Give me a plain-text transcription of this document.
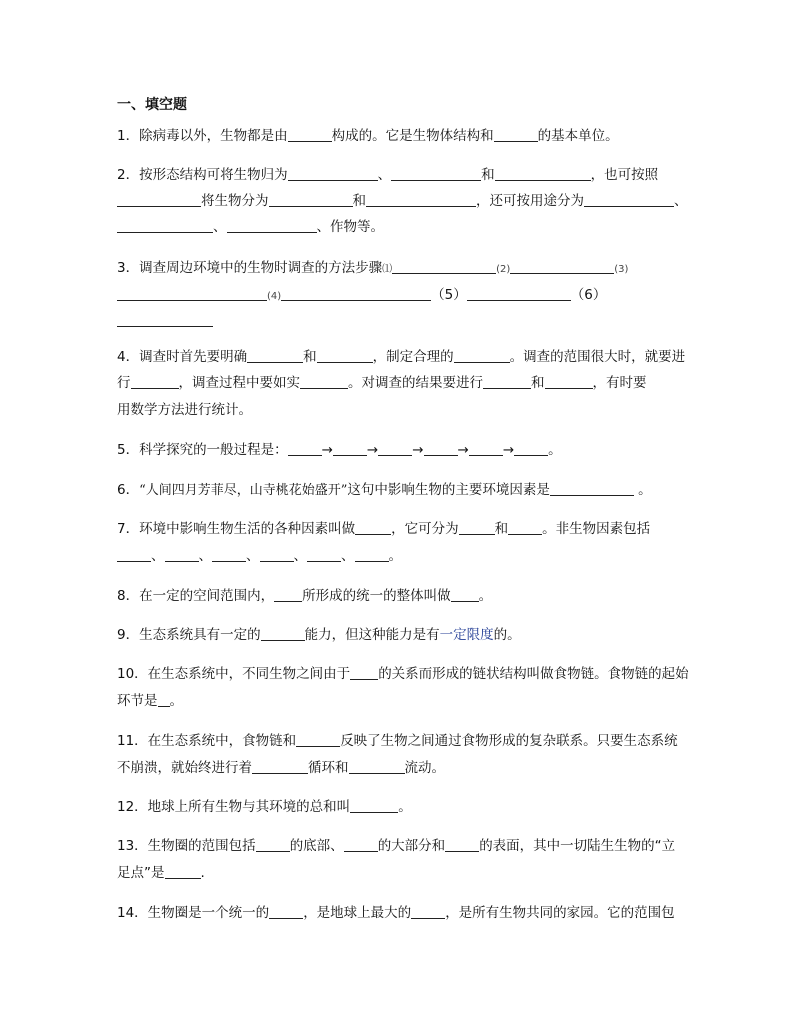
一、填空题
1．除病毒以外，生物都是由	构成的。它是生物体结构和	的基本单位。
2．按形态结构可将生物归为	、	和	，也可按照
将生物分为	和	，还可按用途分为	、
、	、作物等。
3．调查周边环境中的生物时调查的方法步骤⑴	(2)	(3)
(4)	（5）	（6）
4．调查时首先要明确	和	，制定合理的	。调查的范围很大时，就要进
行	，调查过程中要如实	。对调查的结果要进行	和	，有时要
用数学方法进行统计。
5．科学探究的一般过程是：	→	→	→	→	→	。
6．“人间四月芳菲尽，山寺桃花始盛开”这句中影响生物的主要环境因素是	。
7．环境中影响生物生活的各种因素叫做	，它可分为	和	。非生物因素包括
、	、	、	、	、	。
8．在一定的空间范围内， 所形成的统一的整体叫做 。
9．生态系统具有一定的	能力，但这种能力是有一定限度的。
10．在生态系统中，不同生物之间由于 的关系而形成的链状结构叫做食物链。食物链的起始
环节是 。
11．在生态系统中，食物链和	反映了生物之间通过食物形成的复杂联系。只要生态系统
不崩溃，就始终进行着	循环和	流动。
12．地球上所有生物与其环境的总和叫	。
13．生物圈的范围包括	的底部、	的大部分和	的表面，其中一切陆生生物的“立
足点”是	.
14．生物圈是一个统一的	，是地球上最大的	，是所有生物共同的家园。它的范围包
